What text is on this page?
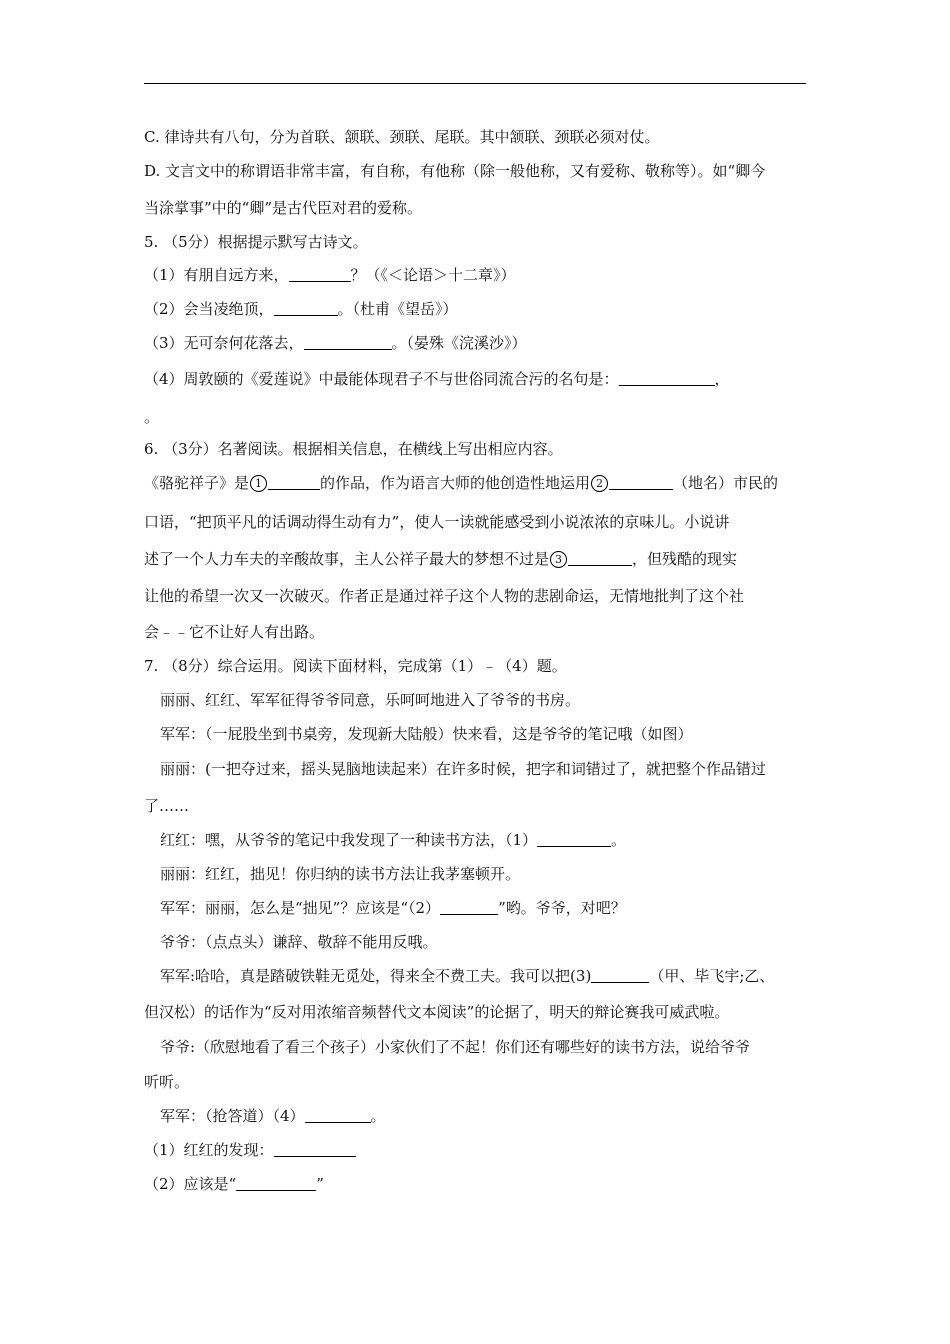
C. 律诗共有八句，分为首联、颔联、颈联、尾联。其中颔联、颈联必须对仗。
D. 文言文中的称谓语非常丰富，有自称，有他称（除一般他称，又有爱称、敬称等）。如“卿今
当涂掌事”中的“卿”是古代臣对君的爱称。
5. （5分）根据提示默写古诗文。
（1）有朋自远方来，	？（《＜论语＞十二章》）
（2）会当凌绝顶，	。（杜甫《望岳》）
（3）无可奈何花落去，	。（晏殊《浣溪沙》）
（4）周敦颐的《爱莲说》中最能体现君子不与世俗同流合污的名句是：	，
。
6. （3分）名著阅读。根据相关信息，在横线上写出相应内容。
《骆驼祥子》是 1	的作品，作为语言大师的他创造性地运用 2	（地名）市民的
口语，“把顶平凡的话调动得生动有力”，使人一读就能感受到小说浓浓的京味儿。小说讲
述了一个人力车夫的辛酸故事，主人公祥子最大的梦想不过是 3	，但残酷的现实
让他的希望一次又一次破灭。作者正是通过祥子这个人物的悲剧命运，无情地批判了这个社
会﹣﹣它不让好人有出路。
7. （8分）综合运用。阅读下面材料，完成第（1）﹣（4）题。
丽丽、红红、军军征得爷爷同意，乐呵呵地进入了爷爷的书房。
军军：（一屁股坐到书桌旁，发现新大陆般）快来看，这是爷爷的笔记哦（如图）
丽丽：(一把夺过来，摇头晃脑地读起来）在许多时候，把字和词错过了，就把整个作品错过
了……
红红：嘿，从爷爷的笔记中我发现了一种读书方法，（1）	。
丽丽：红红，拙见！你归纳的读书方法让我茅塞顿开。
军军：丽丽，怎么是“拙见”？应该是“（2）	”哟。爷爷，对吧？
爷爷：（点点头）谦辞、敬辞不能用反哦。
军军:哈哈，真是踏破铁鞋无觅处，得来全不费工夫。我可以把(3)	（甲、毕飞宇;乙、
但汉松）的话作为“反对用浓缩音频替代文本阅读”的论据了，明天的辩论赛我可威武啦。
爷爷:（欣慰地看了看三个孩子）小家伙们了不起！你们还有哪些好的读书方法，说给爷爷
听听。
军军：（抢答道）（4）	。
（1）红红的发现：
（2）应该是“	”
